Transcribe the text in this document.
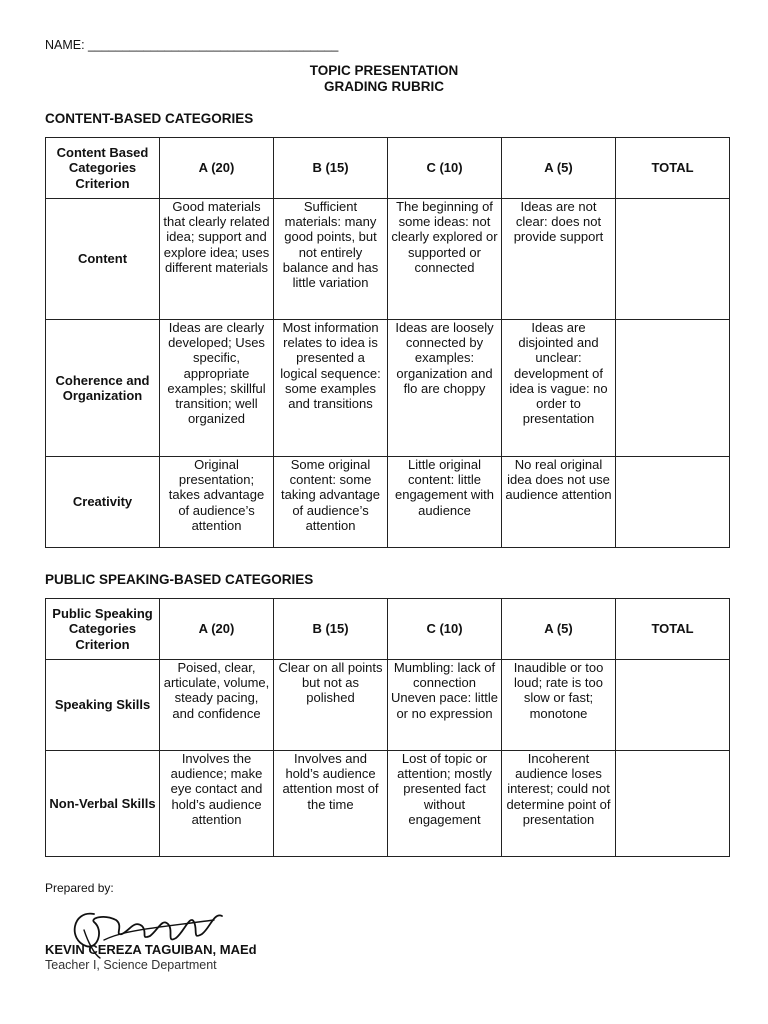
NAME: ____________________________________
TOPIC PRESENTATION
GRADING RUBRIC
CONTENT-BASED CATEGORIES
Content Based Categories Criterion	A (20)	B (15)	C (10)	A (5)	TOTAL
Content	Good materials that clearly related idea; support and explore idea; uses different materials	Sufficient materials: many good points, but not entirely balance and has little variation	The beginning of some ideas: not clearly explored or supported or connected	Ideas are not clear: does not provide support	
Coherence and Organization	Ideas are clearly developed; Uses specific, appropriate examples; skillful transition; well organized	Most information relates to idea is presented a logical sequence: some examples and transitions	Ideas are loosely connected by examples: organization and flo are choppy	Ideas are disjointed and unclear: development of idea is vague: no order to presentation	
Creativity	Original presentation; takes advantage of audience’s attention	Some original content: some taking advantage of audience’s attention	Little original content: little engagement with audience	No real original idea does not use audience attention	
PUBLIC SPEAKING-BASED CATEGORIES
Public Speaking Categories Criterion	A (20)	B (15)	C (10)	A (5)	TOTAL
Speaking Skills	Poised, clear, articulate, volume, steady pacing, and confidence	Clear on all points but not as polished	Mumbling: lack of connection Uneven pace: little or no expression	Inaudible or too loud; rate is too slow or fast; monotone	
Non-Verbal Skills	Involves the audience; make eye contact and hold’s audience attention	Involves and hold’s audience attention most of the time	Lost of topic or attention; mostly presented fact without engagement	Incoherent audience loses interest; could not determine point of presentation	
Prepared by:
KEVIN CEREZA TAGUIBAN, MAEd
Teacher I, Science Department
